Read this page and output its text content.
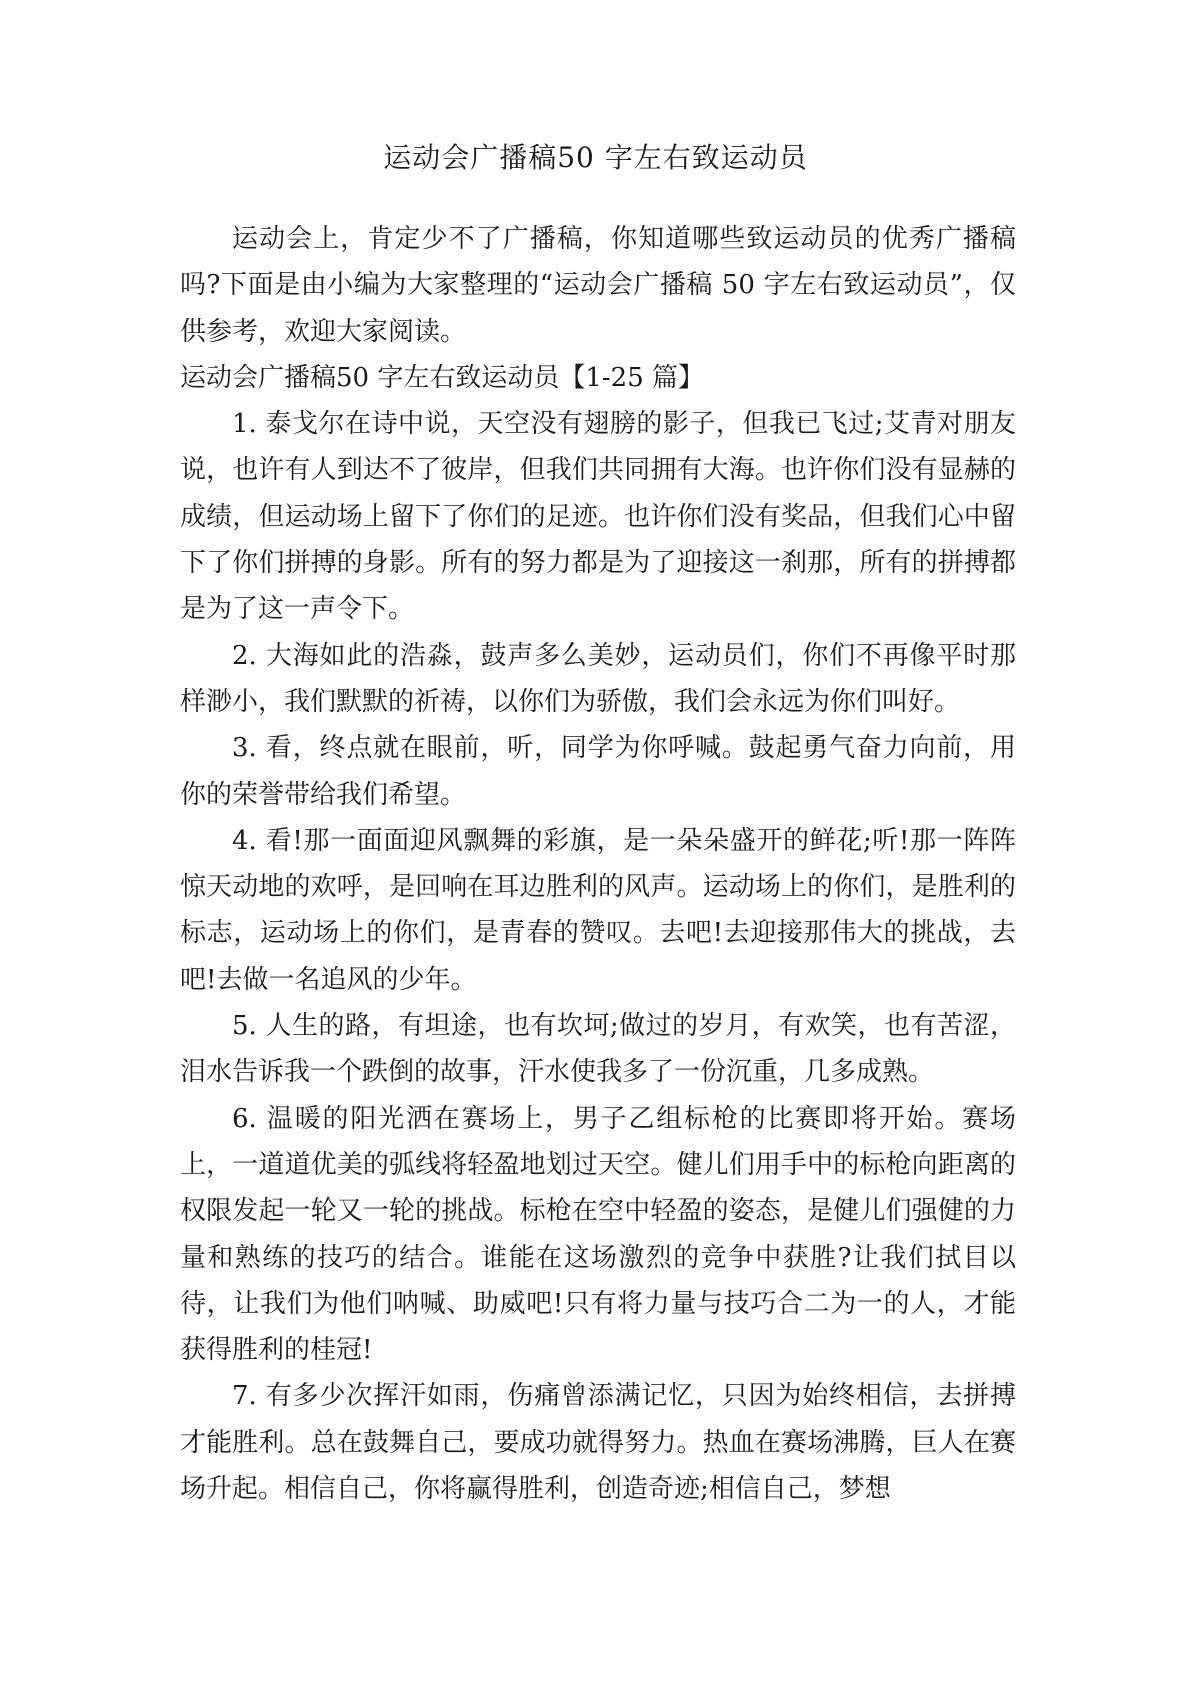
运动会广播稿50 字左右致运动员

运动会上，肯定少不了广播稿，你知道哪些致运动员的优秀广播稿吗?下面是由小编为大家整理的“运动会广播稿 50 字左右致运动员”，仅供参考，欢迎大家阅读。

运动会广播稿50 字左右致运动员【1-25 篇】

1. 泰戈尔在诗中说，天空没有翅膀的影子，但我已飞过;艾青对朋友说，也许有人到达不了彼岸，但我们共同拥有大海。也许你们没有显赫的成绩，但运动场上留下了你们的足迹。也许你们没有奖品，但我们心中留下了你们拼搏的身影。所有的努力都是为了迎接这一刹那，所有的拼搏都是为了这一声令下。

2. 大海如此的浩淼，鼓声多么美妙，运动员们，你们不再像平时那样渺小，我们默默的祈祷，以你们为骄傲，我们会永远为你们叫好。

3. 看，终点就在眼前，听，同学为你呼喊。鼓起勇气奋力向前，用你的荣誉带给我们希望。

4. 看!那一面面迎风飘舞的彩旗，是一朵朵盛开的鲜花;听!那一阵阵惊天动地的欢呼，是回响在耳边胜利的风声。运动场上的你们，是胜利的标志，运动场上的你们，是青春的赞叹。去吧!去迎接那伟大的挑战，去吧!去做一名追风的少年。

5. 人生的路，有坦途，也有坎坷;做过的岁月，有欢笑，也有苦涩，泪水告诉我一个跌倒的故事，汗水使我多了一份沉重，几多成熟。

6. 温暖的阳光洒在赛场上，男子乙组标枪的比赛即将开始。赛场上，一道道优美的弧线将轻盈地划过天空。健儿们用手中的标枪向距离的权限发起一轮又一轮的挑战。标枪在空中轻盈的姿态，是健儿们强健的力量和熟练的技巧的结合。谁能在这场激烈的竞争中获胜?让我们拭目以待，让我们为他们呐喊、助威吧!只有将力量与技巧合二为一的人，才能获得胜利的桂冠!

7. 有多少次挥汗如雨，伤痛曾添满记忆，只因为始终相信，去拼搏才能胜利。总在鼓舞自己，要成功就得努力。热血在赛场沸腾，巨人在赛场升起。相信自己，你将赢得胜利，创造奇迹;相信自己，梦想
